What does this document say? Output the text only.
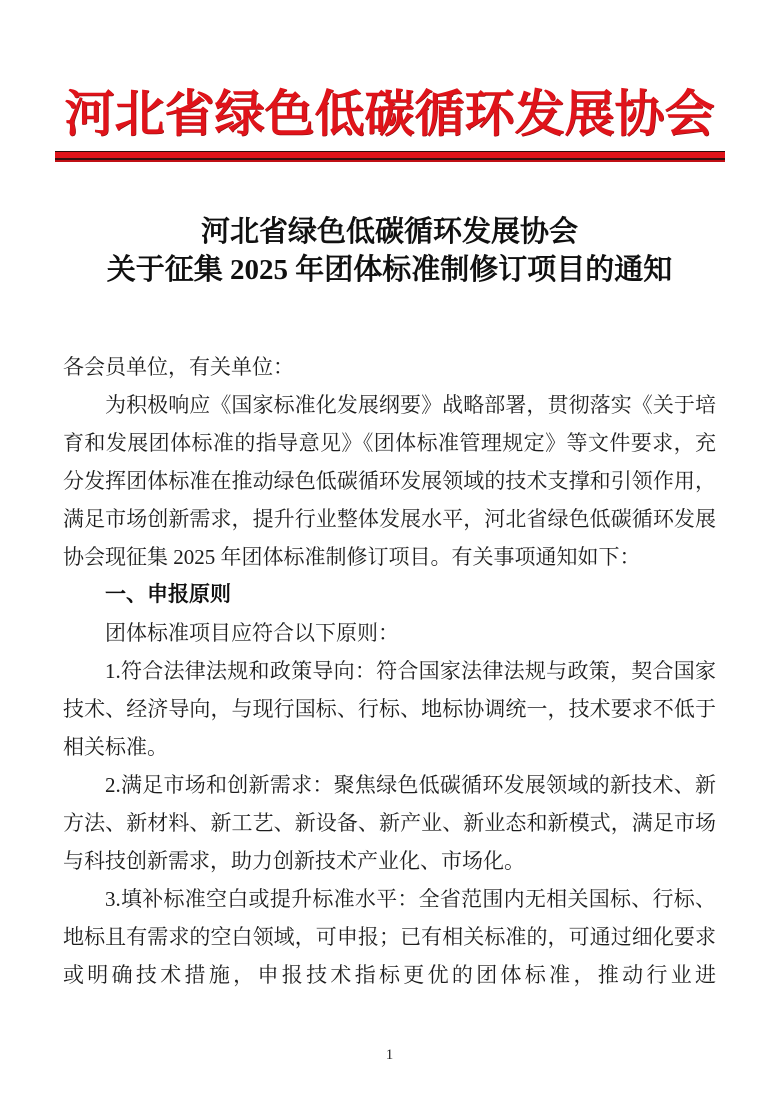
河北省绿色低碳循环发展协会
河北省绿色低碳循环发展协会
关于征集 2025 年团体标准制修订项目的通知

各会员单位，有关单位：

为积极响应《国家标准化发展纲要》战略部署，贯彻落实《关于培育和发展团体标准的指导意见》《团体标准管理规定》等文件要求，充分发挥团体标准在推动绿色低碳循环发展领域的技术支撑和引领作用，满足市场创新需求，提升行业整体发展水平，河北省绿色低碳循环发展协会现征集 2025 年团体标准制修订项目。有关事项通知如下：

一、申报原则

团体标准项目应符合以下原则：

1.符合法律法规和政策导向：符合国家法律法规与政策，契合国家技术、经济导向，与现行国标、行标、地标协调统一，技术要求不低于相关标准。

2.满足市场和创新需求：聚焦绿色低碳循环发展领域的新技术、新方法、新材料、新工艺、新设备、新产业、新业态和新模式，满足市场与科技创新需求，助力创新技术产业化、市场化。

3.填补标准空白或提升标准水平：全省范围内无相关国标、行标、地标且有需求的空白领域，可申报；已有相关标准的，可通过细化要求或明确技术措施，申报技术指标更优的团体标准，推动行业进

1
